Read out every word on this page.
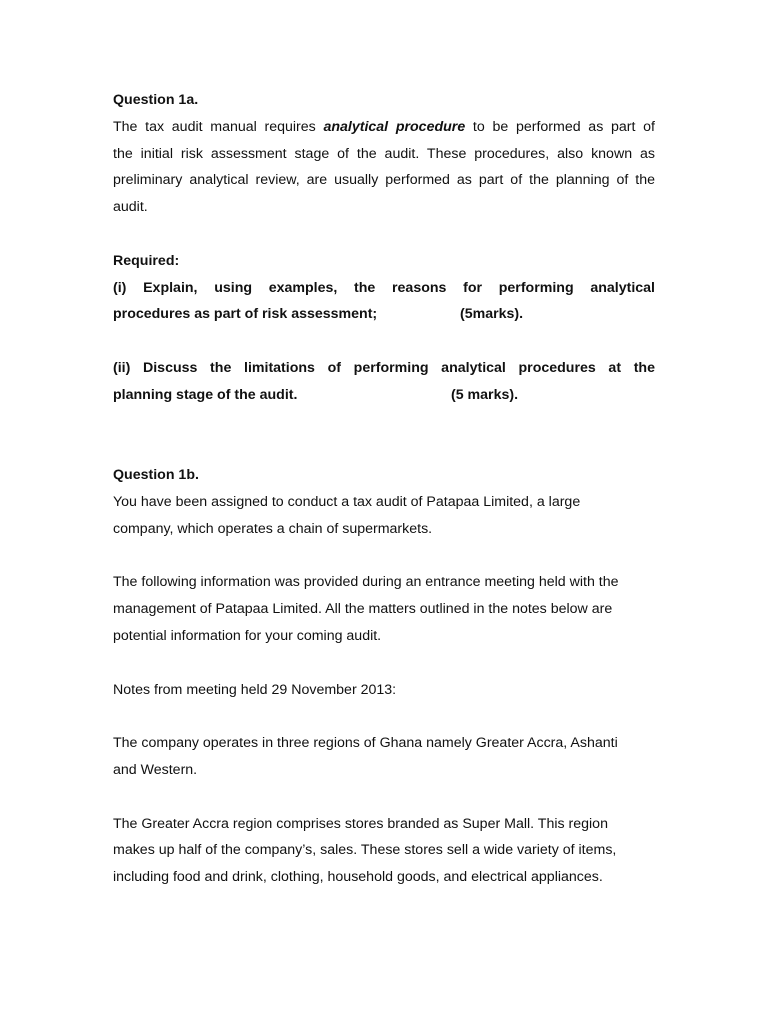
Question 1a.
The tax audit manual requires analytical procedure to be performed as part of
the initial risk assessment stage of the audit. These procedures, also known as
preliminary analytical review, are usually performed as part of the planning of the
audit.
Required:
(i) Explain, using examples, the reasons for performing analytical
procedures as part of risk assessment;	(5marks).
(ii) Discuss the limitations of performing analytical procedures at the
planning stage of the audit.	(5 marks).
Question 1b.
You have been assigned to conduct a tax audit of Patapaa Limited, a large
company, which operates a chain of supermarkets.
The following information was provided during an entrance meeting held with the
management of Patapaa Limited. All the matters outlined in the notes below are
potential information for your coming audit.
Notes from meeting held 29 November 2013:
The company operates in three regions of Ghana namely Greater Accra, Ashanti
and Western.
The Greater Accra region comprises stores branded as Super Mall. This region
makes up half of the company’s, sales. These stores sell a wide variety of items,
including food and drink, clothing, household goods, and electrical appliances.
